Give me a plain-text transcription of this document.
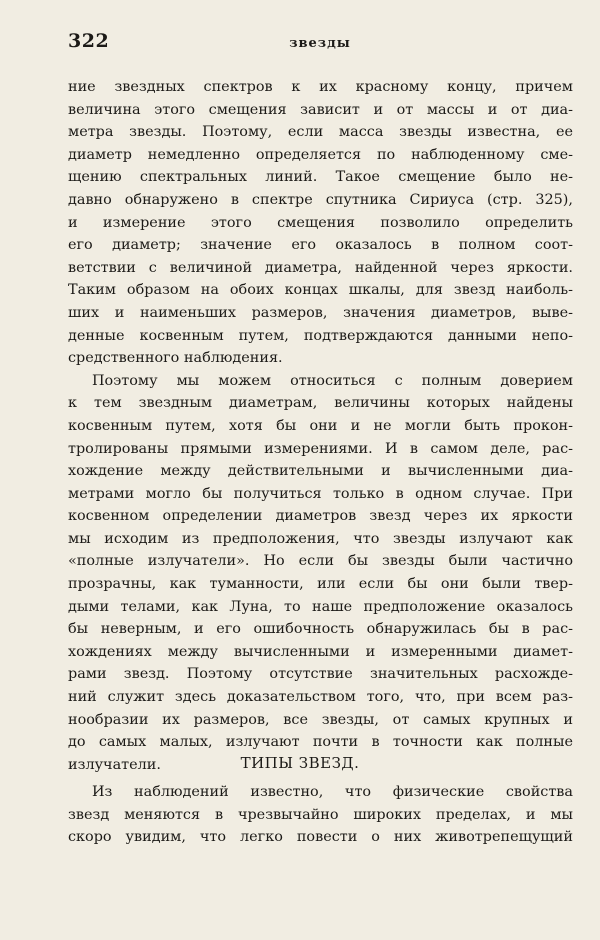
322	звезды
ние звездных спектров к их красному концу, причем
величина этого смещения зависит и от массы и от диа-
метра звезды. Поэтому, если масса звезды известна, ее
диаметр немедленно определяется по наблюденному сме-
щению спектральных линий. Такое смещение было не-
давно обнаружено в спектре спутника Сириуса (стр. 325),
и измерение этого смещения позволило определить
его диаметр; значение его оказалось в полном соот-
ветствии с величиной диаметра, найденной через яркости.
Таким образом на обоих концах шкалы, для звезд наиболь-
ших и наименьших размеров, значения диаметров, выве-
денные косвенным путем, подтверждаются данными непо-
средственного наблюдения.
Поэтому мы можем относиться с полным доверием
к тем звездным диаметрам, величины которых найдены
косвенным путем, хотя бы они и не могли быть прокон-
тролированы прямыми измерениями. И в самом деле, рас-
хождение между действительными и вычисленными диа-
метрами могло бы получиться только в одном случае. При
косвенном определении диаметров звезд через их яркости
мы исходим из предположения, что звезды излучают как
«полные излучатели». Но если бы звезды были частично
прозрачны, как туманности, или если бы они были твер-
дыми телами, как Луна, то наше предположение оказалось
бы неверным, и его ошибочность обнаружилась бы в рас-
хождениях между вычисленными и измеренными диамет-
рами звезд. Поэтому отсутствие значительных расхожде-
ний служит здесь доказательством того, что, при всем раз-
нообразии их размеров, все звезды, от самых крупных и
до самых малых, излучают почти в точности как полные
излучатели.	ТИПЫ ЗВЕЗД.
Из наблюдений известно, что физические свойства
звезд меняются в чрезвычайно широких пределах, и мы
скоро увидим, что легко повести о них животрепещущий
